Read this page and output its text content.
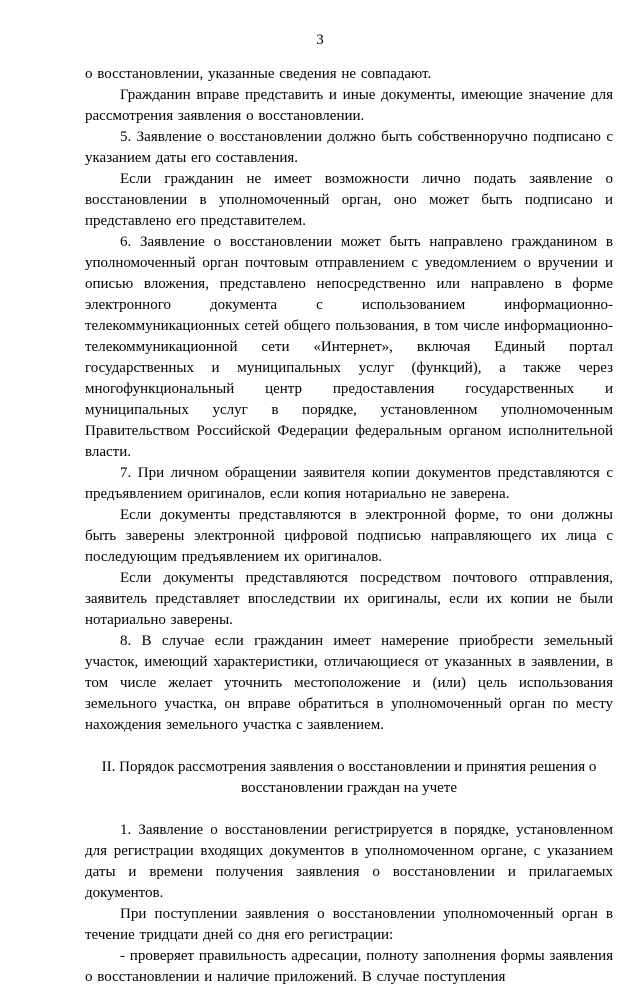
3

о восстановлении, указанные сведения не совпадают.

Гражданин вправе представить и иные документы, имеющие значение для рассмотрения заявления о восстановлении.

5. Заявление о восстановлении должно быть собственноручно подписано с указанием даты его составления.

Если гражданин не имеет возможности лично подать заявление о восстановлении в уполномоченный орган, оно может быть подписано и представлено его представителем.

6. Заявление о восстановлении может быть направлено гражданином в уполномоченный орган почтовым отправлением с уведомлением о вручении и описью вложения, представлено непосредственно или направлено в форме электронного документа с использованием информационно-телекоммуникационных сетей общего пользования, в том числе информационно-телекоммуникационной сети «Интернет», включая Единый портал государственных и муниципальных услуг (функций), а также через многофункциональный центр предоставления государственных и муниципальных услуг в порядке, установленном уполномоченным Правительством Российской Федерации федеральным органом исполнительной власти.

7. При личном обращении заявителя копии документов представляются с предъявлением оригиналов, если копия нотариально не заверена.

Если документы представляются в электронной форме, то они должны быть заверены электронной цифровой подписью направляющего их лица с последующим предъявлением их оригиналов.

Если документы представляются посредством почтового отправления, заявитель представляет впоследствии их оригиналы, если их копии не были нотариально заверены.

8. В случае если гражданин имеет намерение приобрести земельный участок, имеющий характеристики, отличающиеся от указанных в заявлении, в том числе желает уточнить местоположение и (или) цель использования земельного участка, он вправе обратиться в уполномоченный орган по месту нахождения земельного участка с заявлением.

II. Порядок рассмотрения заявления о восстановлении и принятия решения о восстановлении граждан на учете

1. Заявление о восстановлении регистрируется в порядке, установленном для регистрации входящих документов в уполномоченном органе, с указанием даты и времени получения заявления о восстановлении и прилагаемых документов.

При поступлении заявления о восстановлении уполномоченный орган в течение тридцати дней со дня его регистрации:

- проверяет правильность адресации, полноту заполнения формы заявления о восстановлении и наличие приложений. В случае поступления
